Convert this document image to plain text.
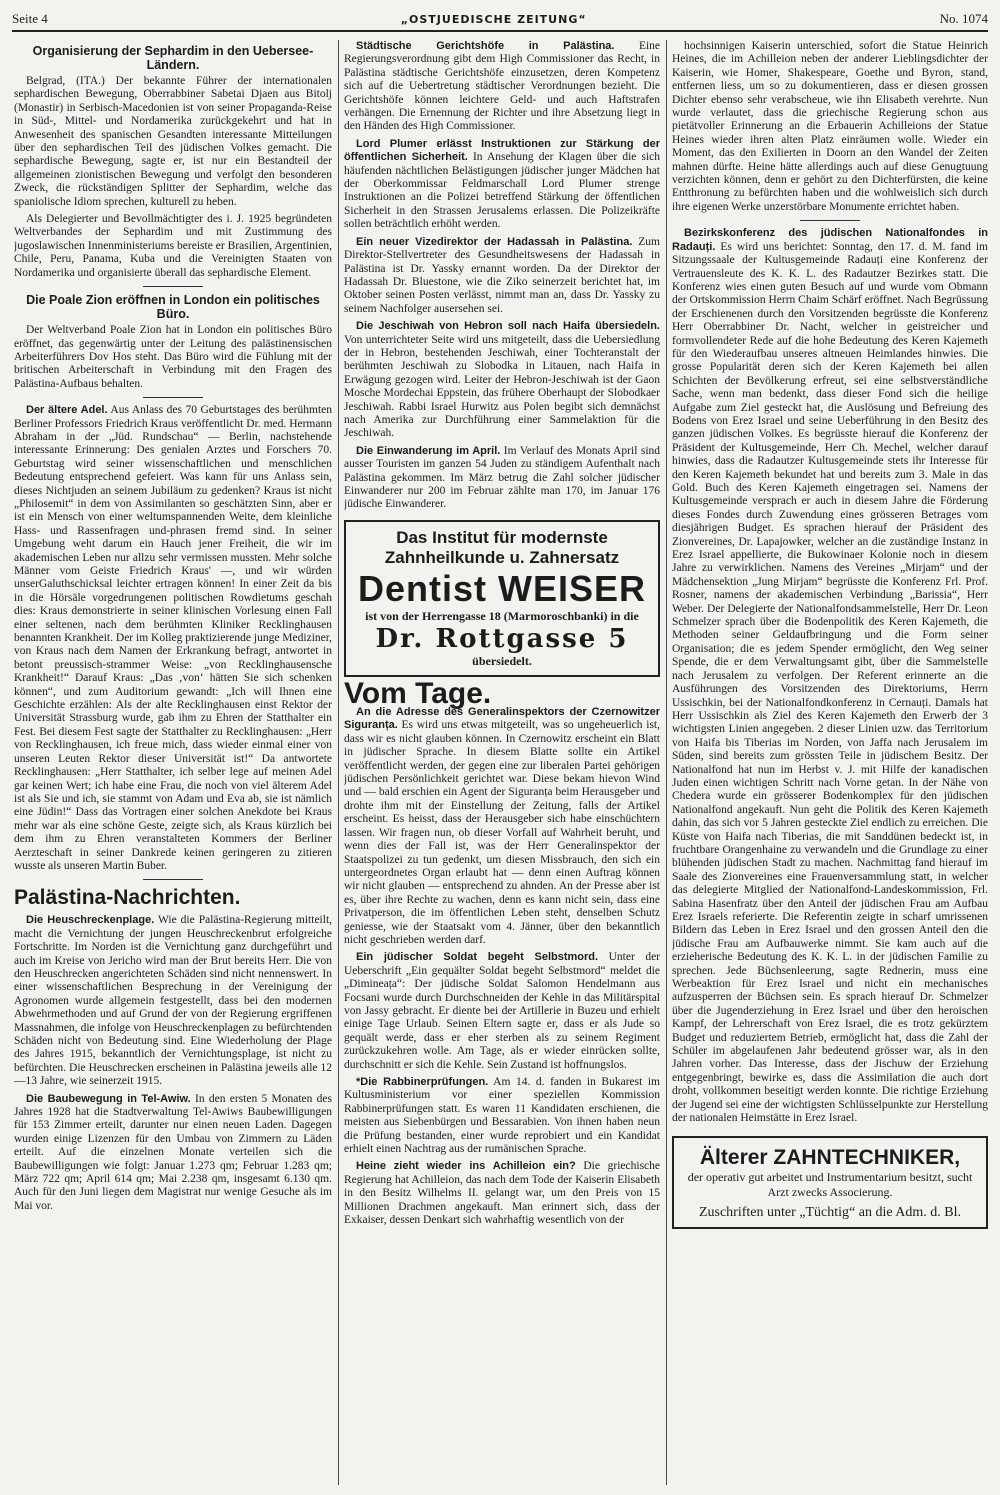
Seite 4	„OSTJUEDISCHE ZEITUNG“	No. 1074
Organisierung der Sephardim in den Uebersee-Ländern.

Belgrad, (ITA.) Der bekannte Führer der internationalen sephardischen Bewegung, Oberrabbiner Sabetai Djaen aus Bitolj (Monastir) in Serbisch-Macedonien ist von seiner Propaganda-Reise in Süd-, Mittel- und Nordamerika zurückgekehrt und hat in Anwesenheit des spanischen Gesandten interessante Mitteilungen über den sephardischen Teil des jüdischen Volkes gemacht. Die sephardische Bewegung, sagte er, ist nur ein Bestandteil der allgemeinen zionistischen Bewegung und verfolgt den besonderen Zweck, die rückständigen Splitter der Sephardim, welche das spaniolische Idiom sprechen, kulturell zu heben.

Als Delegierter und Bevollmächtigter des i. J. 1925 begründeten Weltverbandes der Sephardim und mit Zustimmung des jugoslawischen Innenministeriums bereiste er Brasilien, Argentinien, Chile, Peru, Panama, Kuba und die Vereinigten Staaten von Nordamerika und organisierte überall das sephardische Element.

Die Poale Zion eröffnen in London ein politisches Büro.

Der Weltverband Poale Zion hat in London ein politisches Büro eröffnet, das gegenwärtig unter der Leitung des palästinensischen Arbeiterführers Dov Hos steht. Das Büro wird die Fühlung mit der britischen Arbeiterschaft in Verbindung mit den Fragen des Palästina-Aufbaus behalten.

Der ältere Adel. Aus Anlass des 70 Geburtstages des berühmten Berliner Professors Friedrich Kraus veröffentlicht Dr. med. Hermann Abraham in der „Jüd. Rundschau“ — Berlin, nachstehende interessante Erinnerung: Des genialen Arztes und Forschers 70. Geburtstag wird seiner wissenschaftlichen und menschlichen Bedeutung entsprechend gefeiert. Was kann für uns Anlass sein, dieses Nichtjuden an seinem Jubiläum zu gedenken? Kraus ist nicht „Philosemit“ in dem von Assimilanten so geschätzten Sinn, aber er ist ein Mensch von einer weltumspannenden Weite, dem kleinliche Hass- und Rassenfragen und-phrasen fremd sind. In seiner Umgebung weht darum ein Hauch jener Freiheit, die wir im akademischen Leben nur allzu sehr vermissen mussten. Mehr solche Männer vom Geiste Friedrich Kraus' —, und wir würden unserGaluthschicksal leichter ertragen können! In einer Zeit da bis in die Hörsäle vorgedrungenen politischen Rowdietums geschah dies: Kraus demonstrierte in seiner klinischen Vorlesung einen Fall einer seltenen, nach dem berühmten Kliniker Recklinghausen benannten Krankheit. Der im Kolleg praktizierende junge Mediziner, von Kraus nach dem Namen der Erkrankung befragt, antwortet in betont preussisch-strammer Weise: „von Recklinghausensche Krankheit!“ Darauf Kraus: „Das ‚von‘ hätten Sie sich schenken können“, und zum Auditorium gewandt: „Ich will Ihnen eine Geschichte erzählen: Als der alte Recklinghausen einst Rektor der Universität Strassburg wurde, gab ihm zu Ehren der Statthalter ein Fest. Bei diesem Fest sagte der Statthalter zu Recklinghausen: „Herr von Recklinghausen, ich freue mich, dass wieder einmal einer von unseren Leuten Rektor dieser Universität ist!“ Da antwortete Recklinghausen: „Herr Statthalter, ich selber lege auf meinen Adel gar keinen Wert; ich habe eine Frau, die noch von viel älterem Adel ist als Sie und ich, sie stammt von Adam und Eva ab, sie ist nämlich eine Jüdin!“ Dass das Vortragen einer solchen Anekdote bei Kraus mehr war als eine schöne Geste, zeigte sich, als Kraus kürzlich bei dem ihm zu Ehren veranstalteten Kommers der Berliner Aerzteschaft in seiner Dankrede keinen geringeren zu zitieren wusste als unseren Martin Buber.

Palästina-Nachrichten.

Die Heuschreckenplage. Wie die Palästina-Regierung mitteilt, macht die Vernichtung der jungen Heuschreckenbrut erfolgreiche Fortschritte. Im Norden ist die Vernichtung ganz durchgeführt und auch im Kreise von Jericho wird man der Brut bereits Herr. Die von den Heuschrecken angerichteten Schäden sind nicht nennenswert. In einer wissenschaftlichen Besprechung in der Vereinigung der Agronomen wurde allgemein festgestellt, dass bei den modernen Abwehrmethoden und auf Grund der von der Regierung ergriffenen Massnahmen, die infolge von Heuschreckenplagen zu befürchtenden Schäden nicht von Bedeutung sind. Eine Wiederholung der Plage des Jahres 1915, bekanntlich der Vernichtungsplage, ist nicht zu befürchten. Die Heuschrecken erscheinen in Palästina jeweils alle 12—13 Jahre, wie seinerzeit 1915.

Die Baubewegung in Tel-Awiw. In den ersten 5 Monaten des Jahres 1928 hat die Stadtverwaltung Tel-Awiws Baubewilligungen für 153 Zimmer erteilt, darunter nur einen neuen Laden. Dagegen wurden einige Lizenzen für den Umbau von Zimmern zu Läden erteilt. Auf die einzelnen Monate verteilen sich die Baubewilligungen wie folgt: Januar 1.273 qm; Februar 1.283 qm; März 722 qm; April 614 qm; Mai 2.238 qm, insgesamt 6.130 qm. Auch für den Juni liegen dem Magistrat nur wenige Gesuche als im Mai vor.

Städtische Gerichtshöfe in Palästina. Eine Regierungsverordnung gibt dem High Commissioner das Recht, in Palästina städtische Gerichtshöfe einzusetzen, deren Kompetenz sich auf die Uebertretung städtischer Verordnungen bezieht. Die Gerichtshöfe können leichtere Geld- und auch Haftstrafen verhängen. Die Ernennung der Richter und ihre Absetzung liegt in den Händen des High Commissioner.

Lord Plumer erlässt Instruktionen zur Stärkung der öffentlichen Sicherheit. In Ansehung der Klagen über die sich häufenden nächtlichen Belästigungen jüdischer junger Mädchen hat der Oberkommissar Feldmarschall Lord Plumer strenge Instruktionen an die Polizei betreffend Stärkung der öffentlichen Sicherheit in den Strassen Jerusalems erlassen. Die Polizeikräfte sollen beträchtlich erhöht werden.

Ein neuer Vizedirektor der Hadassah in Palästina. Zum Direktor-Stellvertreter des Gesundheitswesens der Hadassah in Palästina ist Dr. Yassky ernannt worden. Da der Direktor der Hadassah Dr. Bluestone, wie die Ziko seinerzeit berichtet hat, im Oktober seinen Posten verlässt, nimmt man an, dass Dr. Yassky zu seinem Nachfolger ausersehen sei.

Die Jeschiwah von Hebron soll nach Haifa übersiedeln. Von unterrichteter Seite wird uns mitgeteilt, dass die Uebersiedlung der in Hebron, bestehenden Jeschiwah, einer Tochteranstalt der berühmten Jeschiwah zu Slobodka in Litauen, nach Haifa in Erwägung gezogen wird. Leiter der Hebron-Jeschiwah ist der Gaon Mosche Mordechai Eppstein, das frühere Oberhaupt der Slobodkaer Jeschiwah. Rabbi Israel Hurwitz aus Polen begibt sich demnächst nach Amerika zur Durchführung einer Sammelaktion für die Jeschiwah.

Die Einwanderung im April. Im Verlauf des Monats April sind ausser Touristen im ganzen 54 Juden zu ständigem Aufenthalt nach Palästina gekommen. Im März betrug die Zahl solcher jüdischer Einwanderer nur 200 im Februar zählte man 170, im Januar 176 jüdische Einwanderer.

Das Institut für modernste
Zahnheilkunde u. Zahnersatz
Dentist WEISER
ist von der Herrengasse 18 (Marmoroschbanki) in die
Dr. Rottgasse 5
übersiedelt.
Vom Tage.

An die Adresse des Generalinspektors der Czernowitzer Siguranța. Es wird uns etwas mitgeteilt, was so ungeheuerlich ist, dass wir es nicht glauben können. In Czernowitz erscheint ein Blatt in jüdischer Sprache. In diesem Blatte sollte ein Artikel veröffentlicht werden, der gegen eine zur liberalen Partei gehörigen jüdischen Persönlichkeit gerichtet war. Diese bekam hievon Wind und — bald erschien ein Agent der Siguranța beim Herausgeber und drohte ihm mit der Einstellung der Zeitung, falls der Artikel erscheint. Es heisst, dass der Herausgeber sich habe einschüchtern lassen. Wir fragen nun, ob dieser Vorfall auf Wahrheit beruht, und wenn dies der Fall ist, was der Herr Generalinspektor der Staatspolizei zu tun gedenkt, um diesen Missbrauch, den sich ein untergeordnetes Organ erlaubt hat — denn einen Auftrag können wir nicht glauben — entsprechend zu ahnden. An der Presse aber ist es, über ihre Rechte zu wachen, denn es kann nicht sein, dass eine Privatperson, die im öffentlichen Leben steht, denselben Schutz geniesse, wie der Staatsakt vom 4. Jänner, über den bekanntlich nicht geschrieben werden darf.

Ein jüdischer Soldat begeht Selbstmord. Unter der Ueberschrift „Ein gequälter Soldat begeht Selbstmord“ meldet die „Dimineața“: Der jüdische Soldat Salomon Hendelmann aus Focsani wurde durch Durchschneiden der Kehle in das Militärspital von Jassy gebracht. Er diente bei der Artillerie in Buzeu und erhielt einige Tage Urlaub. Seinen Eltern sagte er, dass er als Jude so gequält werde, dass er eher sterben als zu seinem Regiment zurückzukehren wolle. Am Tage, als er wieder einrücken sollte, durchschnitt er sich die Kehle. Sein Zustand ist hoffnungslos.

*Die Rabbinerprüfungen. Am 14. d. fanden in Bukarest im Kultusministerium vor einer speziellen Kommission Rabbinerprüfungen statt. Es waren 11 Kandidaten erschienen, die meisten aus Siebenbürgen und Bessarabien. Von ihnen haben neun die Prüfung bestanden, einer wurde reprobiert und ein Kandidat erhielt einen Nachtrag aus der rumänischen Sprache.

Heine zieht wieder ins Achilleion ein? Die griechische Regierung hat Achilleion, das nach dem Tode der Kaiserin Elisabeth in den Besitz Wilhelms II. gelangt war, um den Preis von 15 Millionen Drachmen angekauft. Man erinnert sich, dass der Exkaiser, dessen Denkart sich wahrhaftig wesentlich von der

hochsinnigen Kaiserin unterschied, sofort die Statue Heinrich Heines, die im Achilleion neben der anderer Lieblingsdichter der Kaiserin, wie Homer, Shakespeare, Goethe und Byron, stand, entfernen liess, um so zu dokumentieren, dass er diesen grossen Dichter ebenso sehr verabscheue, wie ihn Elisabeth verehrte. Nun wurde verlautet, dass die griechische Regierung schon aus pietätvoller Erinnerung an die Erbauerin Achilleions der Statue Heines wieder ihren alten Platz einräumen wolle. Wieder ein Moment, das den Exilierten in Doorn an den Wandel der Zeiten mahnen dürfte. Heine hätte allerdings auch auf diese Genugtuung verzichten können, denn er gehört zu den Dichterfürsten, die keine Entthronung zu befürchten haben und die wohlweislich sich durch ihre eigenen Werke unzerstörbare Monumente errichtet haben.

Bezirkskonferenz des jüdischen Nationalfondes in Radauți. Es wird uns berichtet: Sonntag, den 17. d. M. fand im Sitzungssaale der Kultusgemeinde Radauți eine Konferenz der Vertrauensleute des K. K. L. des Radautzer Bezirkes statt. Die Konferenz wies einen guten Besuch auf und wurde vom Obmann der Ortskommission Herrn Chaim Schärf eröffnet. Nach Begrüssung der Erschienenen durch den Vorsitzenden begrüsste die Konferenz Herr Oberrabbiner Dr. Nacht, welcher in geistreicher und formvollendeter Rede auf die hohe Bedeutung des Keren Kajemeth für den Wiederaufbau unseres altneuen Heimlandes hinwies. Die grosse Popularität deren sich der Keren Kajemeth bei allen Schichten der Bevölkerung erfreut, sei eine selbstverständliche Sache, wenn man bedenkt, dass dieser Fond sich die heilige Aufgabe zum Ziel gesteckt hat, die Auslösung und Befreiung des Bodens von Erez Israel und seine Ueberführung in den Besitz des ganzen jüdischen Volkes. Es begrüsste hierauf die Konferenz der Präsident der Kultusgemeinde, Herr Ch. Mechel, welcher darauf hinwies, dass die Radautzer Kultusgemeinde stets ihr Interesse für den Keren Kajemeth bekundet hat und bereits zum 3. Male in das Gold. Buch des Keren Kajemeth eingetragen sei. Namens der Kultusgemeinde versprach er auch in diesem Jahre die Förderung dieses Fondes durch Zuwendung eines grösseren Betrages vom diesjährigen Budget. Es sprachen hierauf der Präsident des Zionvereines, Dr. Lapajowker, welcher an die zuständige Instanz in Erez Israel appellierte, die Bukowinaer Kolonie noch in diesem Jahre zu verwirklichen. Namens des Vereines „Mirjam“ und der Mädchensektion „Jung Mirjam“ begrüsste die Konferenz Frl. Prof. Rosner, namens der akademischen Verbindung „Barissia“, Herr Weber. Der Delegierte der Nationalfondsammelstelle, Herr Dr. Leon Schmelzer sprach über die Bodenpolitik des Keren Kajemeth, die Methoden seiner Geldaufbringung und die Form seiner Organisation; die es jedem Spender ermöglicht, den Weg seiner Spende, die er dem Verwaltungsamt gibt, über die Sammelstelle nach Jerusalem zu verfolgen. Der Referent erinnerte an die Ausführungen des Vorsitzenden des Direktoriums, Herrn Ussischkin, bei der Nationalfondkonferenz in Cernauți. Damals hat Herr Ussischkin als Ziel des Keren Kajemeth den Erwerb der 3 wichtigsten Linien angegeben. 2 dieser Linien uzw. das Territorium von Haifa bis Tiberias im Norden, von Jaffa nach Jerusalem im Süden, sind bereits zum grössten Teile in jüdischem Besitz. Der Nationalfond hat nun im Herbst v. J. mit Hilfe der kanadischen Juden einen wichtigen Schritt nach Vorne getan. In der Nähe von Chedera wurde ein grösserer Bodenkomplex für den jüdischen Nationalfond angekauft. Nun geht die Politik des Keren Kajemeth dahin, das sich vor 5 Jahren gesteckte Ziel endlich zu erreichen. Die Küste von Haifa nach Tiberias, die mit Sanddünen bedeckt ist, in fruchtbare Orangenhaine zu verwandeln und die Grundlage zu einer blühenden jüdischen Stadt zu machen. Nachmittag fand hierauf im Saale des Zionvereines eine Frauenversammlung statt, in welcher das delegierte Mitglied der Nationalfond-Landeskommission, Frl. Sabina Hasenfratz über den Anteil der jüdischen Frau am Aufbau Erez Israels referierte. Die Referentin zeigte in scharf umrissenen Bildern das Leben in Erez Israel und den grossen Anteil den die jüdische Frau am Aufbauwerke nimmt. Sie kam auch auf die erzieherische Bedeutung des K. K. L. in der jüdischen Familie zu sprechen. Jede Büchsenleerung, sagte Rednerin, muss eine Werbeaktion für Erez Israel und nicht ein mechanisches aufzusperren der Büchsen sein. Es sprach hierauf Dr. Schmelzer über die Jugenderziehung in Erez Israel und über den heroischen Kampf, der Lehrerschaft von Erez Israel, die es trotz gekürztem Budget und reduziertem Betrieb, ermöglicht hat, dass die Zahl der Schüler im abgelaufenen Jahr bedeutend grösser war, als in den Jahren vorher. Das Interesse, dass der Jischuw der Erziehung entgegenbringt, bewirke es, dass die Assimilation die auch dort droht, vollkommen beseitigt werden konnte. Die richtige Erziehung der Jugend sei eine der wichtigsten Schlüsselpunkte zur Herstellung der nationalen Heimstätte in Erez Israel.

Älterer ZAHNTECHNIKER,
der operativ gut arbeitet und Instrumentarium besitzt, sucht Arzt zwecks Associerung.
Zuschriften unter „Tüchtig“ an die Adm. d. Bl.
